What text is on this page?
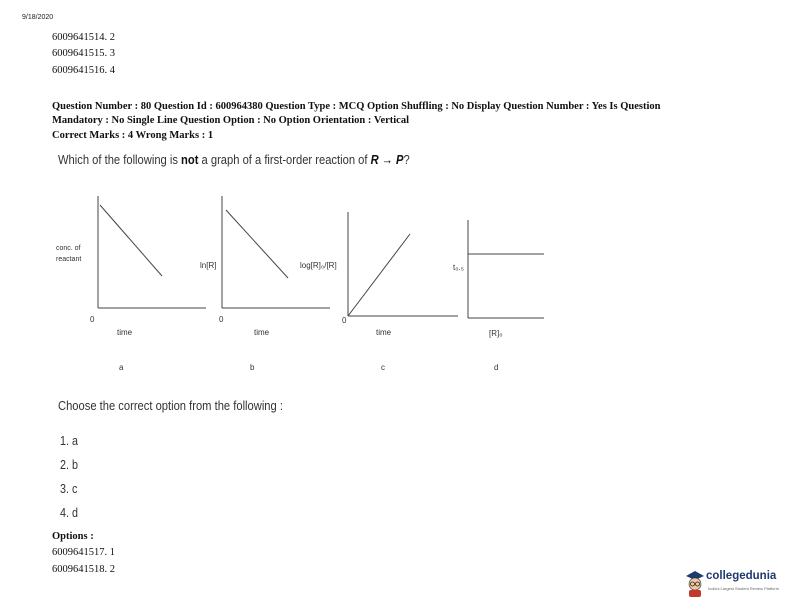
9/18/2020
6009641514. 2
6009641515. 3
6009641516. 4
Question Number : 80 Question Id : 600964380 Question Type : MCQ Option Shuffling : No Display Question Number : Yes Is Question
Mandatory : No Single Line Question Option : No Option Orientation : Vertical
Correct Marks : 4 Wrong Marks : 1
Which of the following is not a graph of a first-order reaction of R → P?
conc. of
reactant
0
time
a
ln[R]
0
time
b
log[R]₀/[R]
0
time
c
t₀.₅
[R]₀
d
Choose the correct option from the following :
1. a
2. b
3. c
4. d
Options :
6009641517. 1
6009641518. 2
collegedunia
India's Largest Student Review Platform
